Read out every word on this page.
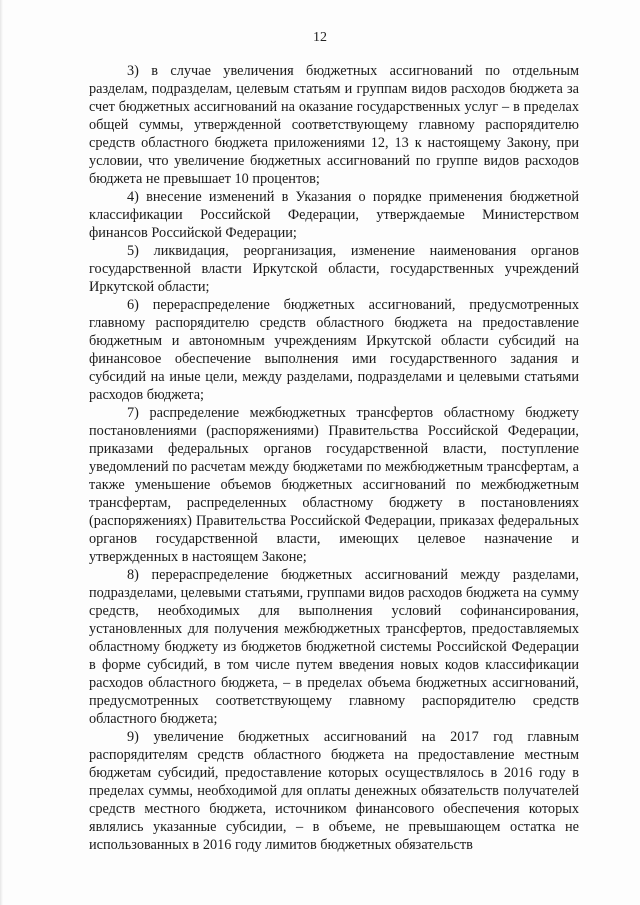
12

3) в случае увеличения бюджетных ассигнований по отдельным разделам, подразделам, целевым статьям и группам видов расходов бюджета за счет бюджетных ассигнований на оказание государственных услуг – в пределах общей суммы, утвержденной соответствующему главному распорядителю средств областного бюджета приложениями 12, 13 к настоящему Закону, при условии, что увеличение бюджетных ассигнований по группе видов расходов бюджета не превышает 10 процентов;

4) внесение изменений в Указания о порядке применения бюджетной классификации Российской Федерации, утверждаемые Министерством финансов Российской Федерации;

5) ликвидация, реорганизация, изменение наименования органов государственной власти Иркутской области, государственных учреждений Иркутской области;

6) перераспределение бюджетных ассигнований, предусмотренных главному распорядителю средств областного бюджета на предоставление бюджетным и автономным учреждениям Иркутской области субсидий на финансовое обеспечение выполнения ими государственного задания и субсидий на иные цели, между разделами, подразделами и целевыми статьями расходов бюджета;

7) распределение межбюджетных трансфертов областному бюджету постановлениями (распоряжениями) Правительства Российской Федерации, приказами федеральных органов государственной власти, поступление уведомлений по расчетам между бюджетами по межбюджетным трансфертам, а также уменьшение объемов бюджетных ассигнований по межбюджетным трансфертам, распределенных областному бюджету в постановлениях (распоряжениях) Правительства Российской Федерации, приказах федеральных органов государственной власти, имеющих целевое назначение и утвержденных в настоящем Законе;

8) перераспределение бюджетных ассигнований между разделами, подразделами, целевыми статьями, группами видов расходов бюджета на сумму средств, необходимых для выполнения условий софинансирования, установленных для получения межбюджетных трансфертов, предоставляемых областному бюджету из бюджетов бюджетной системы Российской Федерации в форме субсидий, в том числе путем введения новых кодов классификации расходов областного бюджета, – в пределах объема бюджетных ассигнований, предусмотренных соответствующему главному распорядителю средств областного бюджета;

9) увеличение бюджетных ассигнований на 2017 год главным распорядителям средств областного бюджета на предоставление местным бюджетам субсидий, предоставление которых осуществлялось в 2016 году в пределах суммы, необходимой для оплаты денежных обязательств получателей средств местного бюджета, источником финансового обеспечения которых являлись указанные субсидии, – в объеме, не превышающем остатка не использованных в 2016 году лимитов бюджетных обязательств
